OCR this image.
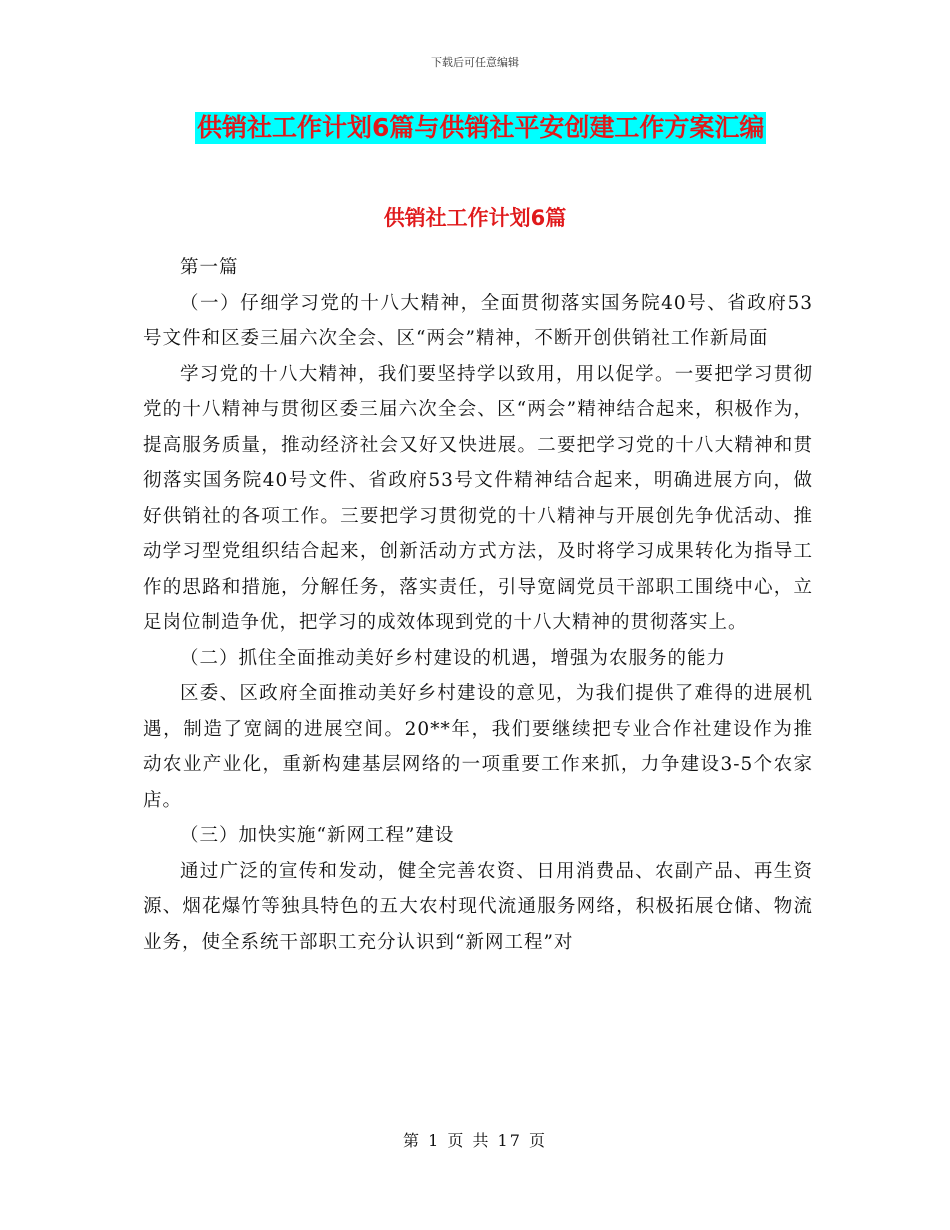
下载后可任意编辑
供销社工作计划6篇与供销社平安创建工作方案汇编
供销社工作计划6篇

第一篇

（一）仔细学习党的十八大精神，全面贯彻落实国务院40号、省政府53号文件和区委三届六次全会、区“两会”精神，不断开创供销社工作新局面

学习党的十八大精神，我们要坚持学以致用，用以促学。一要把学习贯彻党的十八精神与贯彻区委三届六次全会、区“两会”精神结合起来，积极作为，提高服务质量，推动经济社会又好又快进展。二要把学习党的十八大精神和贯彻落实国务院40号文件、省政府53号文件精神结合起来，明确进展方向，做好供销社的各项工作。三要把学习贯彻党的十八精神与开展创先争优活动、推动学习型党组织结合起来，创新活动方式方法，及时将学习成果转化为指导工作的思路和措施，分解任务，落实责任，引导宽阔党员干部职工围绕中心，立足岗位制造争优，把学习的成效体现到党的十八大精神的贯彻落实上。

（二）抓住全面推动美好乡村建设的机遇，增强为农服务的能力

区委、区政府全面推动美好乡村建设的意见，为我们提供了难得的进展机遇，制造了宽阔的进展空间。20**年，我们要继续把专业合作社建设作为推动农业产业化，重新构建基层网络的一项重要工作来抓，力争建设3-5个农家店。

（三）加快实施“新网工程”建设

通过广泛的宣传和发动，健全完善农资、日用消费品、农副产品、再生资源、烟花爆竹等独具特色的五大农村现代流通服务网络，积极拓展仓储、物流业务，使全系统干部职工充分认识到“新网工程”对

第 1 页 共 17 页
